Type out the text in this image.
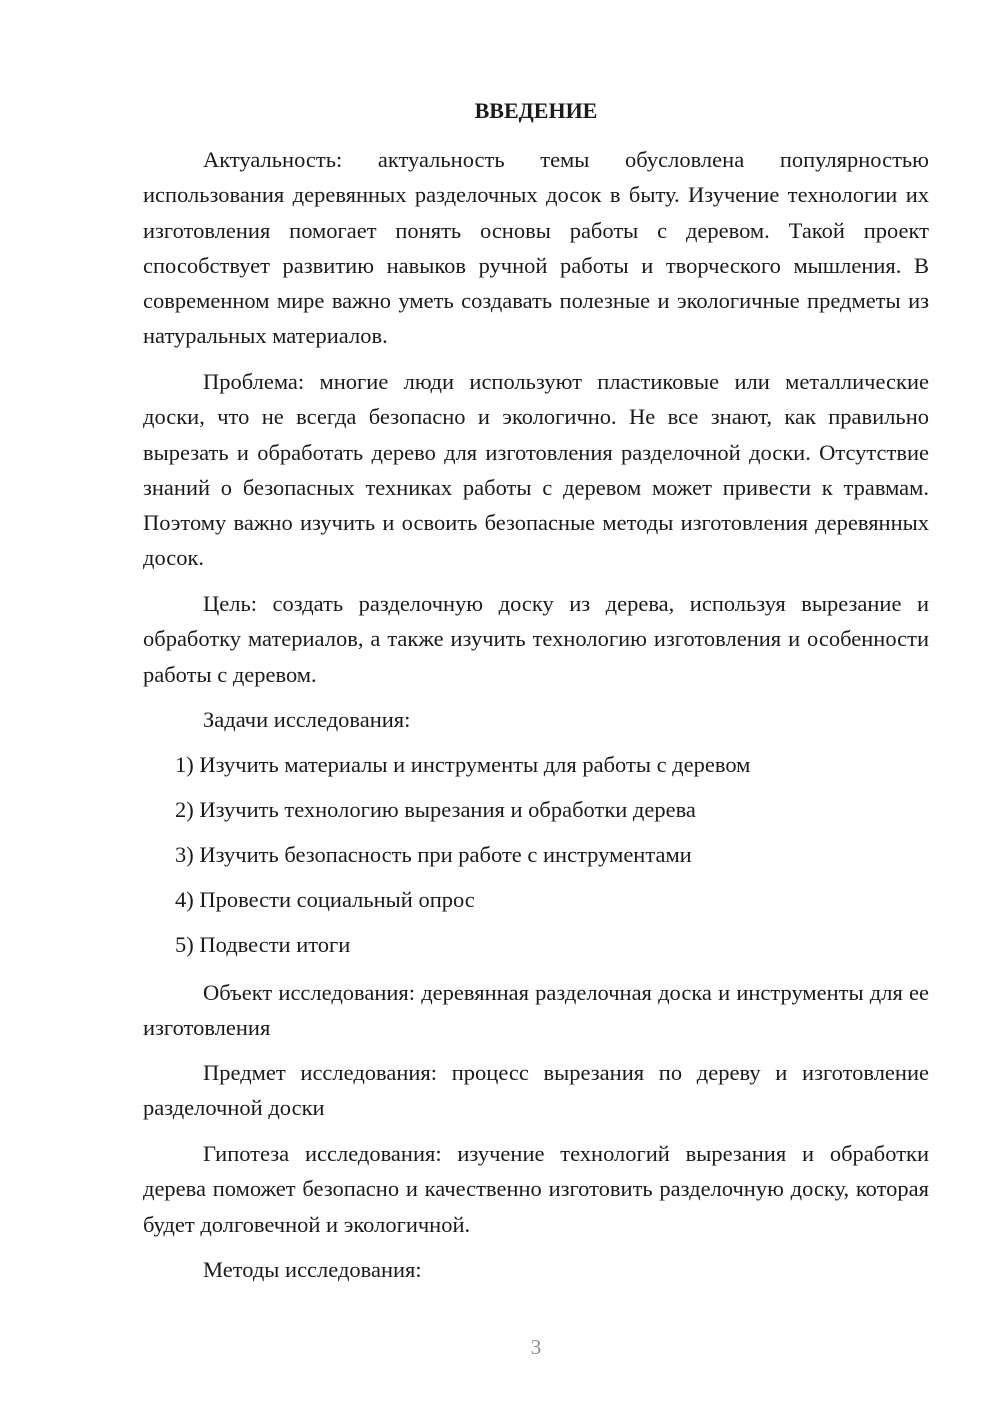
ВВЕДЕНИЕ

Актуальность: актуальность темы обусловлена популярностью использования деревянных разделочных досок в быту. Изучение технологии их изготовления помогает понять основы работы с деревом. Такой проект способствует развитию навыков ручной работы и творческого мышления. В современном мире важно уметь создавать полезные и экологичные предметы из натуральных материалов.

Проблема: многие люди используют пластиковые или металлические доски, что не всегда безопасно и экологично. Не все знают, как правильно вырезать и обработать дерево для изготовления разделочной доски. Отсутствие знаний о безопасных техниках работы с деревом может привести к травмам. Поэтому важно изучить и освоить безопасные методы изготовления деревянных досок.

Цель: создать разделочную доску из дерева, используя вырезание и обработку материалов, а также изучить технологию изготовления и особенности работы с деревом.

Задачи исследования:

1) Изучить материалы и инструменты для работы с деревом

2) Изучить технологию вырезания и обработки дерева

3) Изучить безопасность при работе с инструментами

4) Провести социальный опрос

5) Подвести итоги

Объект исследования: деревянная разделочная доска и инструменты для ее изготовления

Предмет исследования: процесс вырезания по дереву и изготовление разделочной доски

Гипотеза исследования: изучение технологий вырезания и обработки дерева поможет безопасно и качественно изготовить разделочную доску, которая будет долговечной и экологичной.

Методы исследования:

3
